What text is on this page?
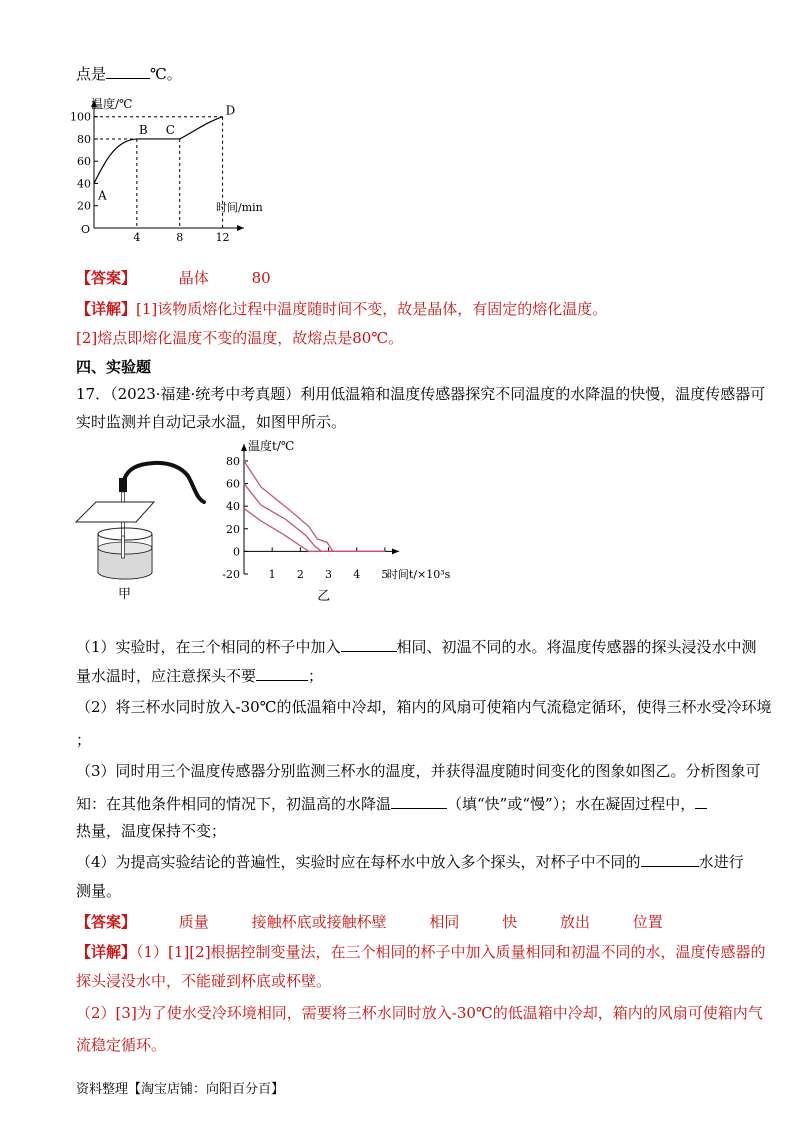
点是	℃。
温度/℃
时间/min
O
20
40
60
80
100
4	8	12
A
B C
D
【答案】	晶体	80
【详解】[1]该物质熔化过程中温度随时间不变，故是晶体，有固定的熔化温度。
[2]熔点即熔化温度不变的温度，故熔点是80℃。
四、实验题
17．（2023·福建·统考中考真题）利用低温箱和温度传感器探究不同温度的水降温的快慢，温度传感器可
实时监测并自动记录水温，如图甲所示。
甲
温度t/℃
时间t/×10³s
80
60
40
20
0
-20	1 2 3 4 5
乙
（1）实验时，在三个相同的杯子中加入	相同、初温不同的水。将温度传感器的探头浸没水中测
量水温时，应注意探头不要	；
（2）将三杯水同时放入-30℃的低温箱中冷却，箱内的风扇可使箱内气流稳定循环，使得三杯水受冷环境
；
（3）同时用三个温度传感器分别监测三杯水的温度，并获得温度随时间变化的图象如图乙。分析图象可
知：在其他条件相同的情况下，初温高的水降温	（填“快”或“慢”）；水在凝固过程中，
热量，温度保持不变；
（4）为提高实验结论的普遍性，实验时应在每杯水中放入多个探头，对杯子中不同的	水进行
测量。
【答案】	质量	接触杯底或接触杯壁	相同	快	放出	位置
【详解】（1）[1][2]根据控制变量法，在三个相同的杯子中加入质量相同和初温不同的水，温度传感器的
探头浸没水中，不能碰到杯底或杯壁。
（2）[3]为了使水受冷环境相同，需要将三杯水同时放入-30℃的低温箱中冷却，箱内的风扇可使箱内气
流稳定循环。
资料整理【淘宝店铺：向阳百分百】
